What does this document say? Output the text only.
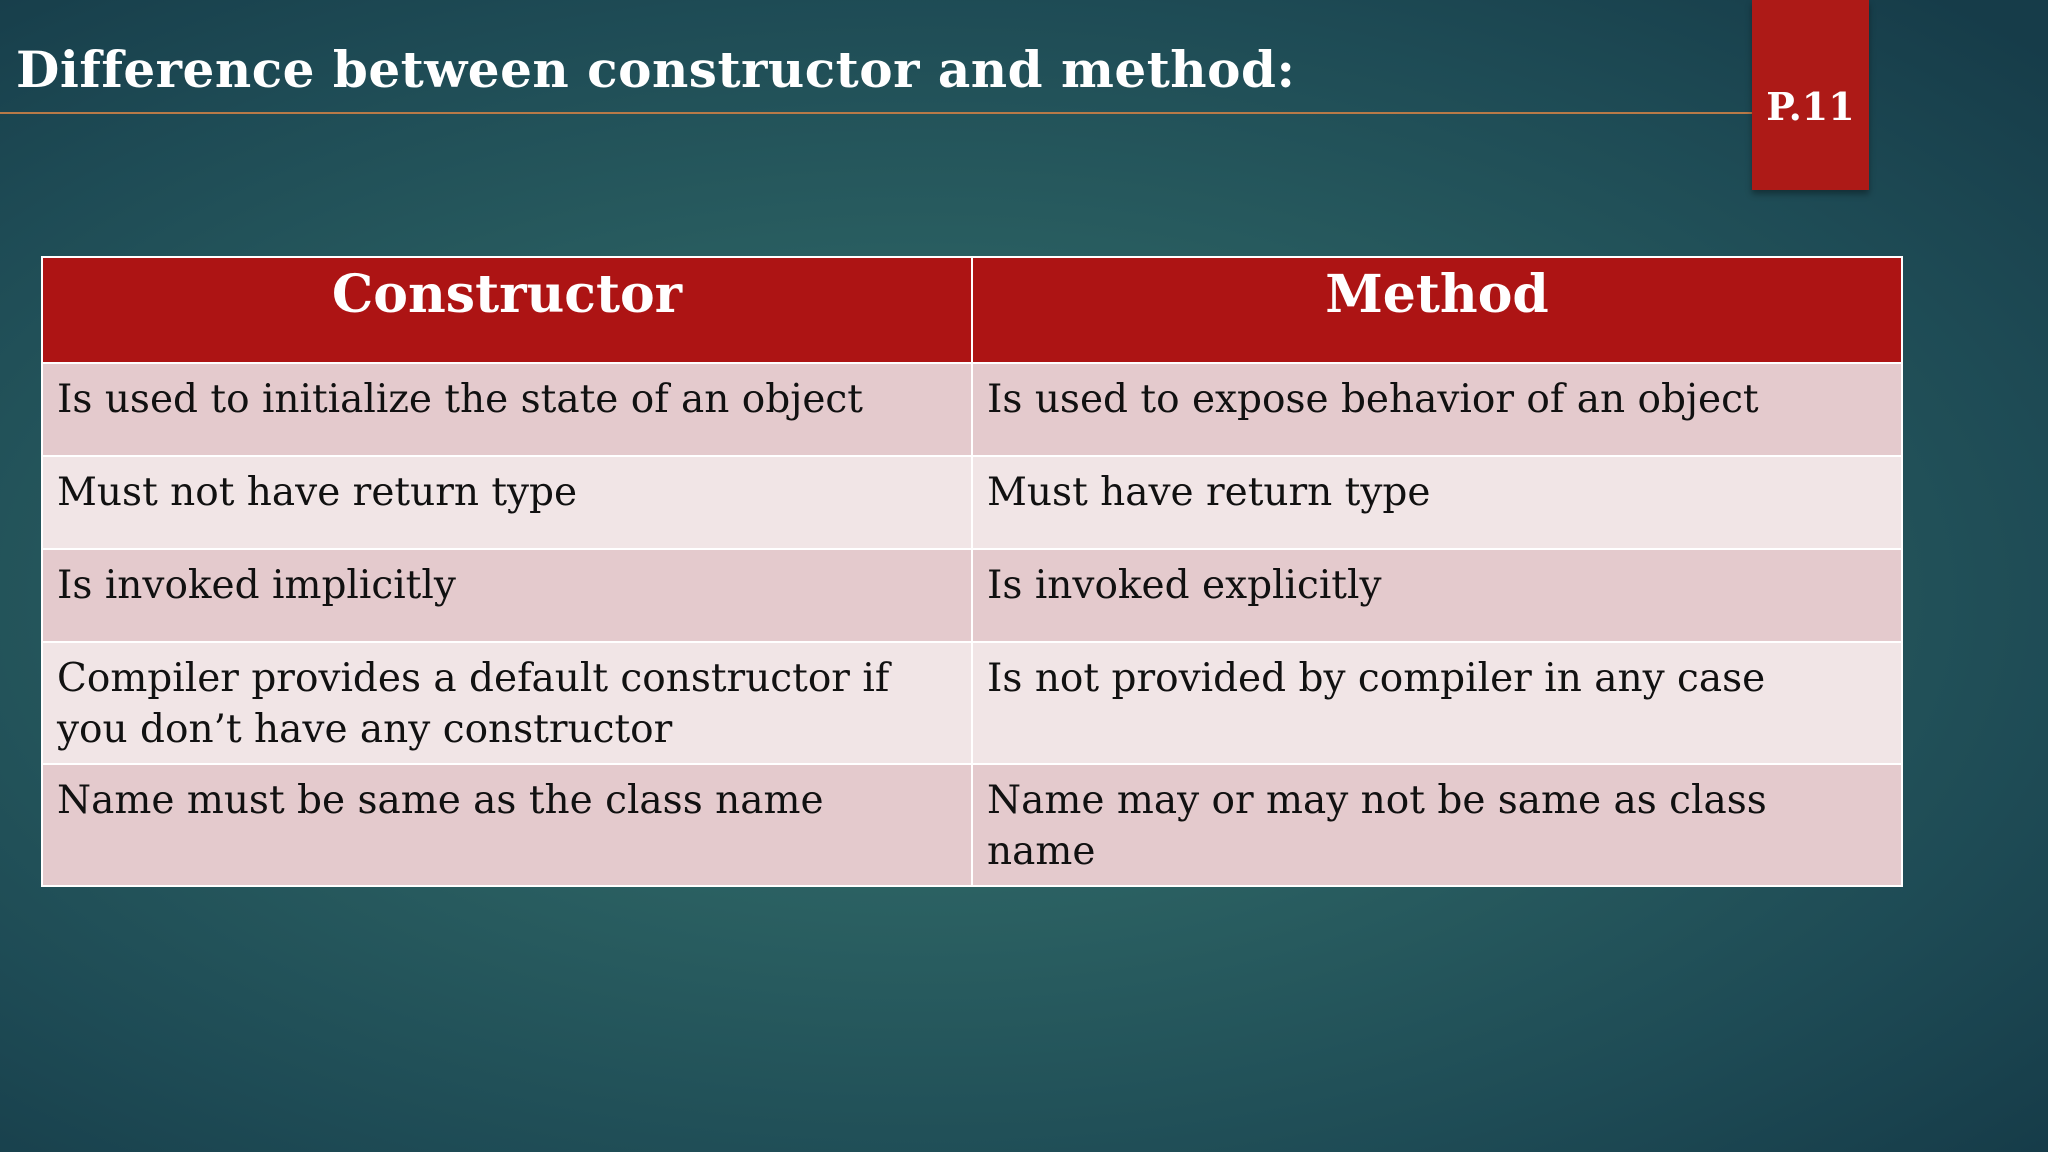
Difference between constructor and method:
P.11
Constructor	Method
Is used to initialize the state of an object	Is used to expose behavior of an object
Must not have return type	Must have return type
Is invoked implicitly	Is invoked explicitly
Compiler provides a default constructor if you don’t have any constructor	Is not provided by compiler in any case
Name must be same as the class name	Name may or may not be same as class name
